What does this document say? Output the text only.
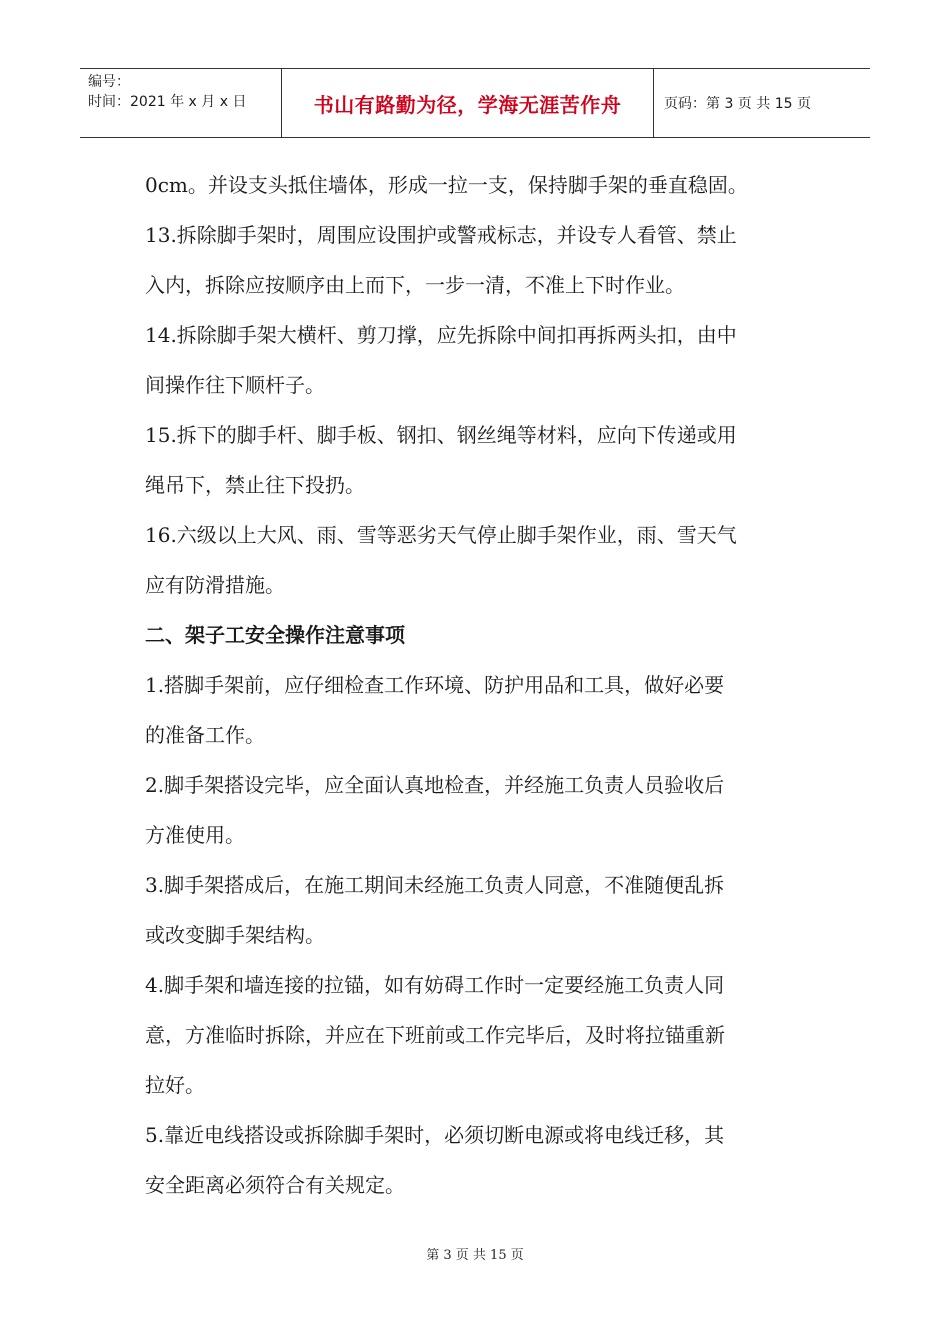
编号：
时间：2021 年 x 月 x 日	书山有路勤为径，学海无涯苦作舟	页码：第 3 页 共 15 页
0cm。并设支头抵住墙体，形成一拉一支，保持脚手架的垂直稳固。
13.拆除脚手架时，周围应设围护或警戒标志，并设专人看管、禁止
入内，拆除应按顺序由上而下，一步一清，不准上下时作业。
14.拆除脚手架大横杆、剪刀撑，应先拆除中间扣再拆两头扣，由中
间操作往下顺杆子。
15.拆下的脚手杆、脚手板、钢扣、钢丝绳等材料，应向下传递或用
绳吊下，禁止往下投扔。
16.六级以上大风、雨、雪等恶劣天气停止脚手架作业，雨、雪天气
应有防滑措施。
二、架子工安全操作注意事项
1.搭脚手架前，应仔细检查工作环境、防护用品和工具，做好必要
的准备工作。
2.脚手架搭设完毕，应全面认真地检查，并经施工负责人员验收后
方准使用。
3.脚手架搭成后，在施工期间未经施工负责人同意，不准随便乱拆
或改变脚手架结构。
4.脚手架和墙连接的拉锚，如有妨碍工作时一定要经施工负责人同
意，方准临时拆除，并应在下班前或工作完毕后，及时将拉锚重新
拉好。
5.靠近电线搭设或拆除脚手架时，必须切断电源或将电线迁移，其
安全距离必须符合有关规定。
第 3 页 共 15 页
